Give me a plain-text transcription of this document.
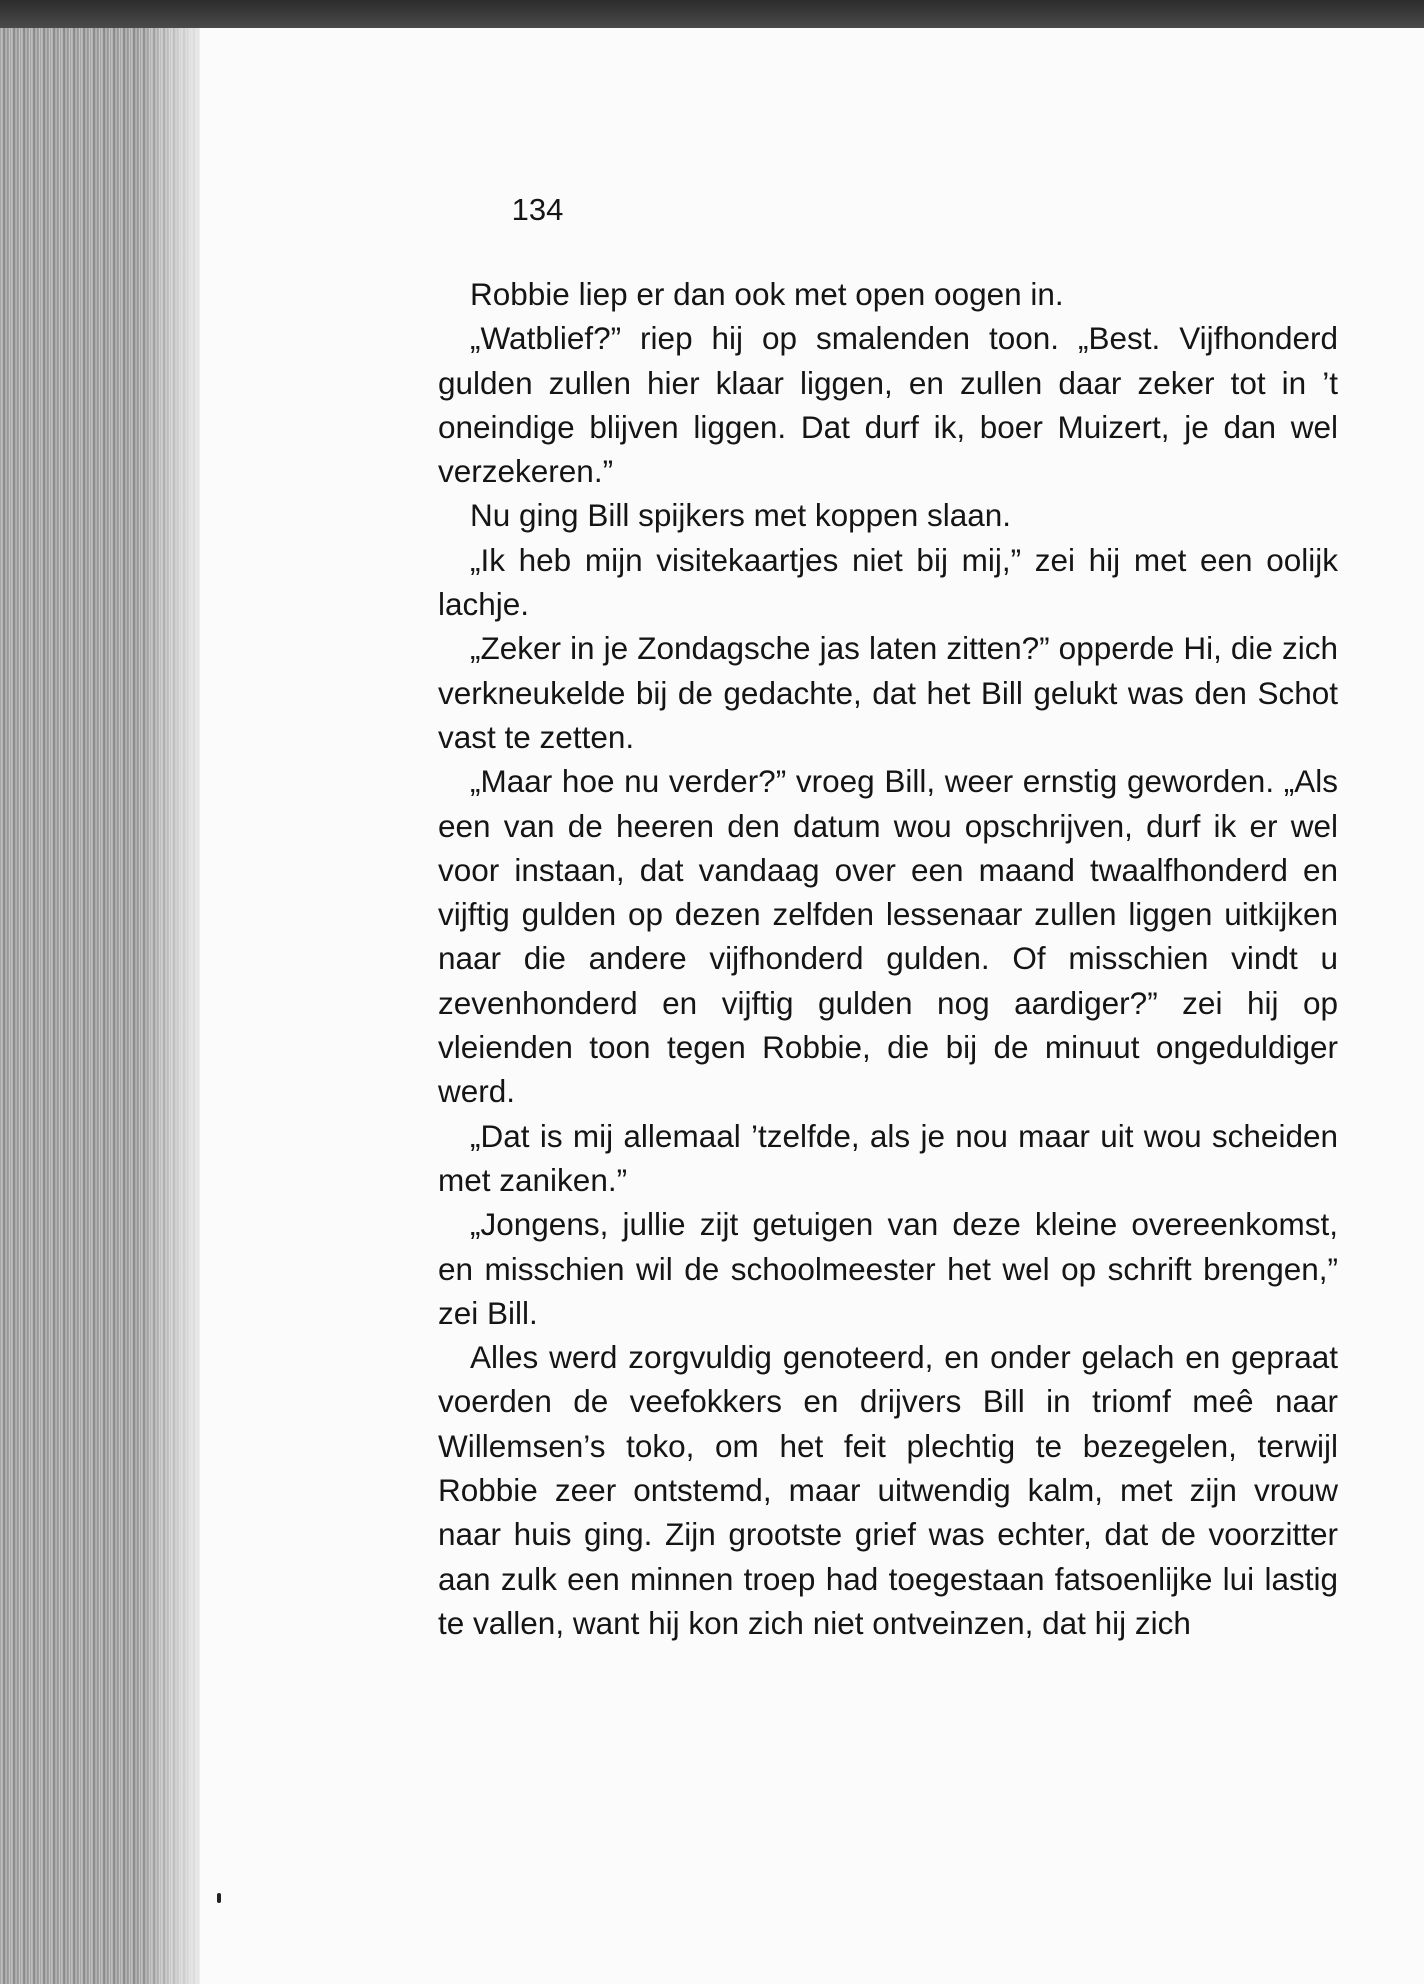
134

Robbie liep er dan ook met open oogen in.

„Watblief?” riep hij op smalenden toon. „Best. Vijfhonderd gulden zullen hier klaar liggen, en zullen daar zeker tot in ’t oneindige blijven liggen. Dat durf ik, boer Muizert, je dan wel verzekeren.”

Nu ging Bill spijkers met koppen slaan.

„Ik heb mijn visitekaartjes niet bij mij,” zei hij met een oolijk lachje.

„Zeker in je Zondagsche jas laten zitten?” opperde Hi, die zich verkneukelde bij de gedachte, dat het Bill gelukt was den Schot vast te zetten.

„Maar hoe nu verder?” vroeg Bill, weer ernstig geworden. „Als een van de heeren den datum wou opschrijven, durf ik er wel voor instaan, dat vandaag over een maand twaalfhonderd en vijftig gulden op dezen zelfden lessenaar zullen liggen uitkijken naar die andere vijfhonderd gulden. Of misschien vindt u zevenhonderd en vijftig gulden nog aardiger?” zei hij op vleienden toon tegen Robbie, die bij de minuut ongeduldiger werd.

„Dat is mij allemaal ’tzelfde, als je nou maar uit wou scheiden met zaniken.”

„Jongens, jullie zijt getuigen van deze kleine overeenkomst, en misschien wil de schoolmeester het wel op schrift brengen,” zei Bill.

Alles werd zorgvuldig genoteerd, en onder gelach en gepraat voerden de veefokkers en drijvers Bill in triomf meê naar Willemsen’s toko, om het feit plechtig te bezegelen, terwijl Robbie zeer ontstemd, maar uitwendig kalm, met zijn vrouw naar huis ging. Zijn grootste grief was echter, dat de voorzitter aan zulk een minnen troep had toegestaan fatsoenlijke lui lastig te vallen, want hij kon zich niet ontveinzen, dat hij zich
